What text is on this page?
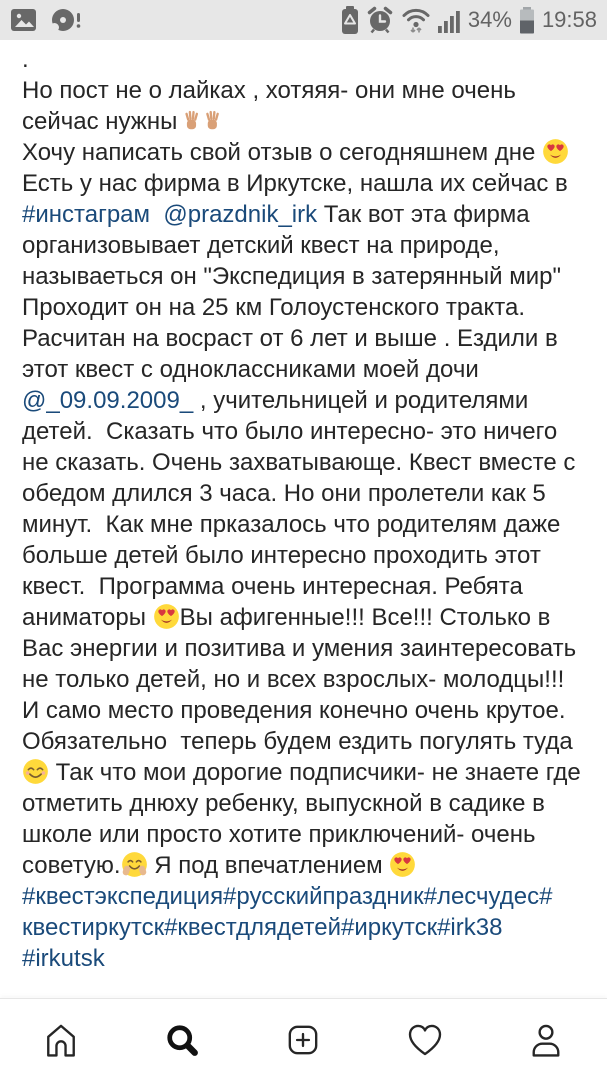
34% 19:58
.
Но пост не о лайках , хотяяя- они мне очень
сейчас нужны
Хочу написать свой отзыв о сегодняшнем дне
Есть у нас фирма в Иркутске, нашла их сейчас в
#инстаграм @prazdnik_irk Так вот эта фирма
организовывает детский квест на природе,
называеться он "Экспедиция в затерянный мир"
Проходит он на 25 км Голоустенского тракта.
Расчитан на восраст от 6 лет и выше . Ездили в
этот квест с одноклассниками моей дочи
@_09.09.2009_ , учительницей и родителями
детей.  Сказать что было интересно- это ничего
не сказать. Очень захватывающе. Квест вместе с
обедом длился 3 часа. Но они пролетели как 5
минут.  Как мне прказалось что родителям даже
больше детей было интересно проходить этот
квест.  Программа очень интересная. Ребята
аниматоры Вы афигенные!!! Все!!! Столько в
Вас энергии и позитива и умения заинтересовать
не только детей, но и всех взрослых- молодцы!!!
И само место проведения конечно очень крутое.
Обязательно  теперь будем ездить погулять туда
Так что мои дорогие подписчики- не знаете где
отметить днюху ребенку, выпускной в садике в
школе или просто хотите приключений- очень
советую. Я под впечатлением
#квестэкспедиция#русскийпраздник#лесчудес#
квестиркутск#квестдлядетей#иркутск#irk38
#irkutsk
